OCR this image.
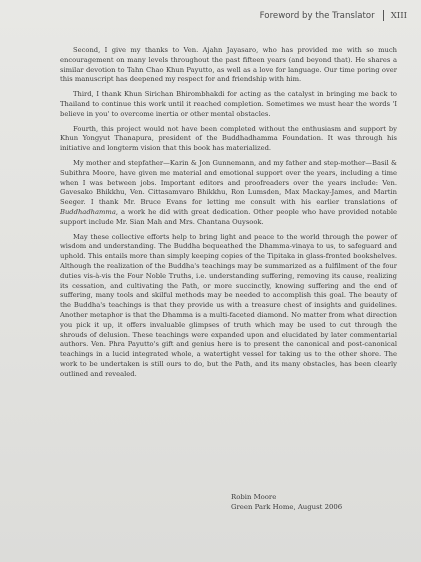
Foreword by the Translator XIII

Second, I give my thanks to Ven. Ajahn Jayasaro, who has provided me with so much encouragement on many levels throughout the past fifteen years (and beyond that). He shares a similar devotion to Tahn Chao Khun Payutto, as well as a love for language. Our time poring over this manuscript has deepened my respect for and friendship with him.

Third, I thank Khun Sirichan Bhirombhakdi for acting as the catalyst in bringing me back to Thailand to continue this work until it reached completion. Sometimes we must hear the words 'I believe in you' to overcome inertia or other mental obstacles.

Fourth, this project would not have been completed without the enthusiasm and support by Khun Yongyut Thanapura, president of the Buddhadhamma Foundation. It was through his initiative and longterm vision that this book has materialized.

My mother and stepfather—Karin & Jon Gunnemann, and my father and step-mother—Basil & Subithra Moore, have given me material and emotional support over the years, including a time when I was between jobs. Important editors and proofreaders over the years include: Ven. Gavesako Bhikkhu, Ven. Cittasamvaro Bhikkhu, Ron Lumsden, Max Mackay-James, and Martin Seeger. I thank Mr. Bruce Evans for letting me consult with his earlier translations of Buddhadhamma, a work he did with great dedication. Other people who have provided notable support include Mr. Sian Mah and Mrs. Chantana Ouysook.

May these collective efforts help to bring light and peace to the world through the power of wisdom and understanding. The Buddha bequeathed the Dhamma-vinaya to us, to safeguard and uphold. This entails more than simply keeping copies of the Tipitaka in glass-fronted bookshelves. Although the realization of the Buddha's teachings may be summarized as a fulfilment of the four duties vis-à-vis the Four Noble Truths, i.e. understanding suffering, removing its cause, realizing its cessation, and cultivating the Path, or more succinctly, knowing suffering and the end of suffering, many tools and skilful methods may be needed to accomplish this goal. The beauty of the Buddha's teachings is that they provide us with a treasure chest of insights and guidelines. Another metaphor is that the Dhamma is a multi-faceted diamond. No matter from what direction you pick it up, it offers invaluable glimpses of truth which may be used to cut through the shrouds of delusion. These teachings were expanded upon and elucidated by later commentarial authors. Ven. Phra Payutto's gift and genius here is to present the canonical and post-canonical teachings in a lucid integrated whole, a watertight vessel for taking us to the other shore. The work to be undertaken is still ours to do, but the Path, and its many obstacles, has been clearly outlined and revealed.

Robin Moore
Green Park Home, August 2006
